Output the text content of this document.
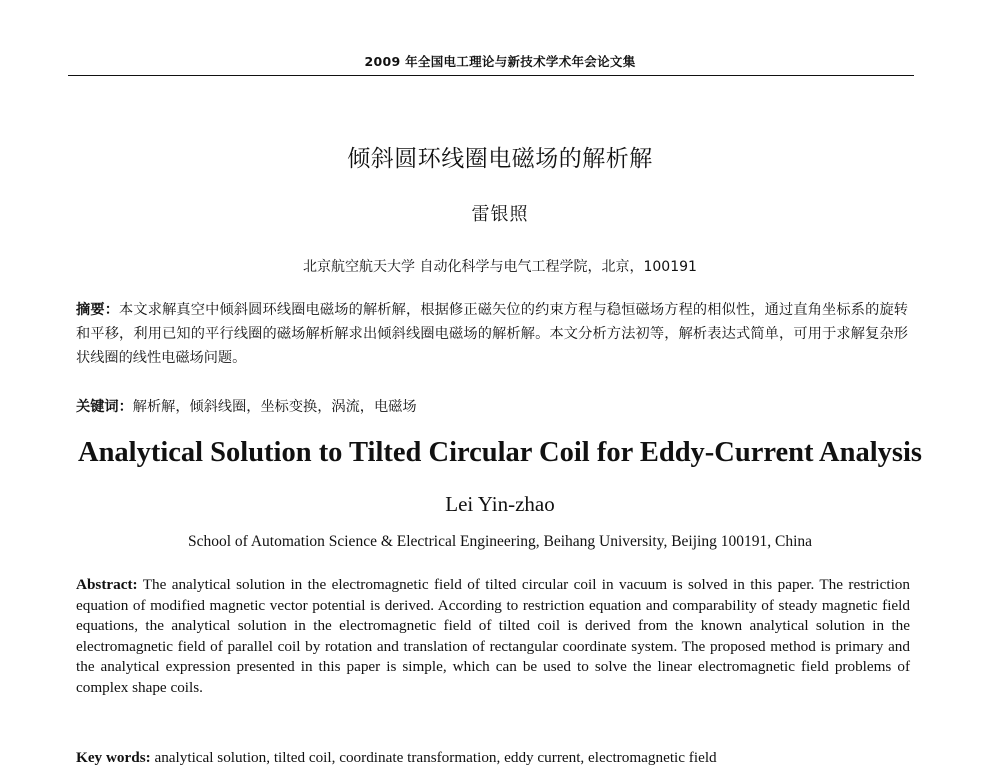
2009 年全国电工理论与新技术学术年会论文集
倾斜圆环线圈电磁场的解析解
雷银照
北京航空航天大学 自动化科学与电气工程学院，北京，100191
摘要：本文求解真空中倾斜圆环线圈电磁场的解析解，根据修正磁矢位的约束方程与稳恒磁场方程的相似性，通过直角坐标系的旋转和平移，利用已知的平行线圈的磁场解析解求出倾斜线圈电磁场的解析解。本文分析方法初等，解析表达式简单，可用于求解复杂形状线圈的线性电磁场问题。
关键词：解析解，倾斜线圈，坐标变换，涡流，电磁场
Analytical Solution to Tilted Circular Coil for Eddy-Current Analysis
Lei Yin-zhao
School of Automation Science & Electrical Engineering, Beihang University, Beijing 100191, China
Abstract: The analytical solution in the electromagnetic field of tilted circular coil in vacuum is solved in this paper. The restriction equation of modified magnetic vector potential is derived. According to restriction equation and comparability of steady magnetic field equations, the analytical solution in the electromagnetic field of tilted coil is derived from the known analytical solution in the electromagnetic field of parallel coil by rotation and translation of rectangular coordinate system. The proposed method is primary and the analytical expression presented in this paper is simple, which can be used to solve the linear electromagnetic field problems of complex shape coils.
Key words: analytical solution, tilted coil, coordinate transformation, eddy current, electromagnetic field
